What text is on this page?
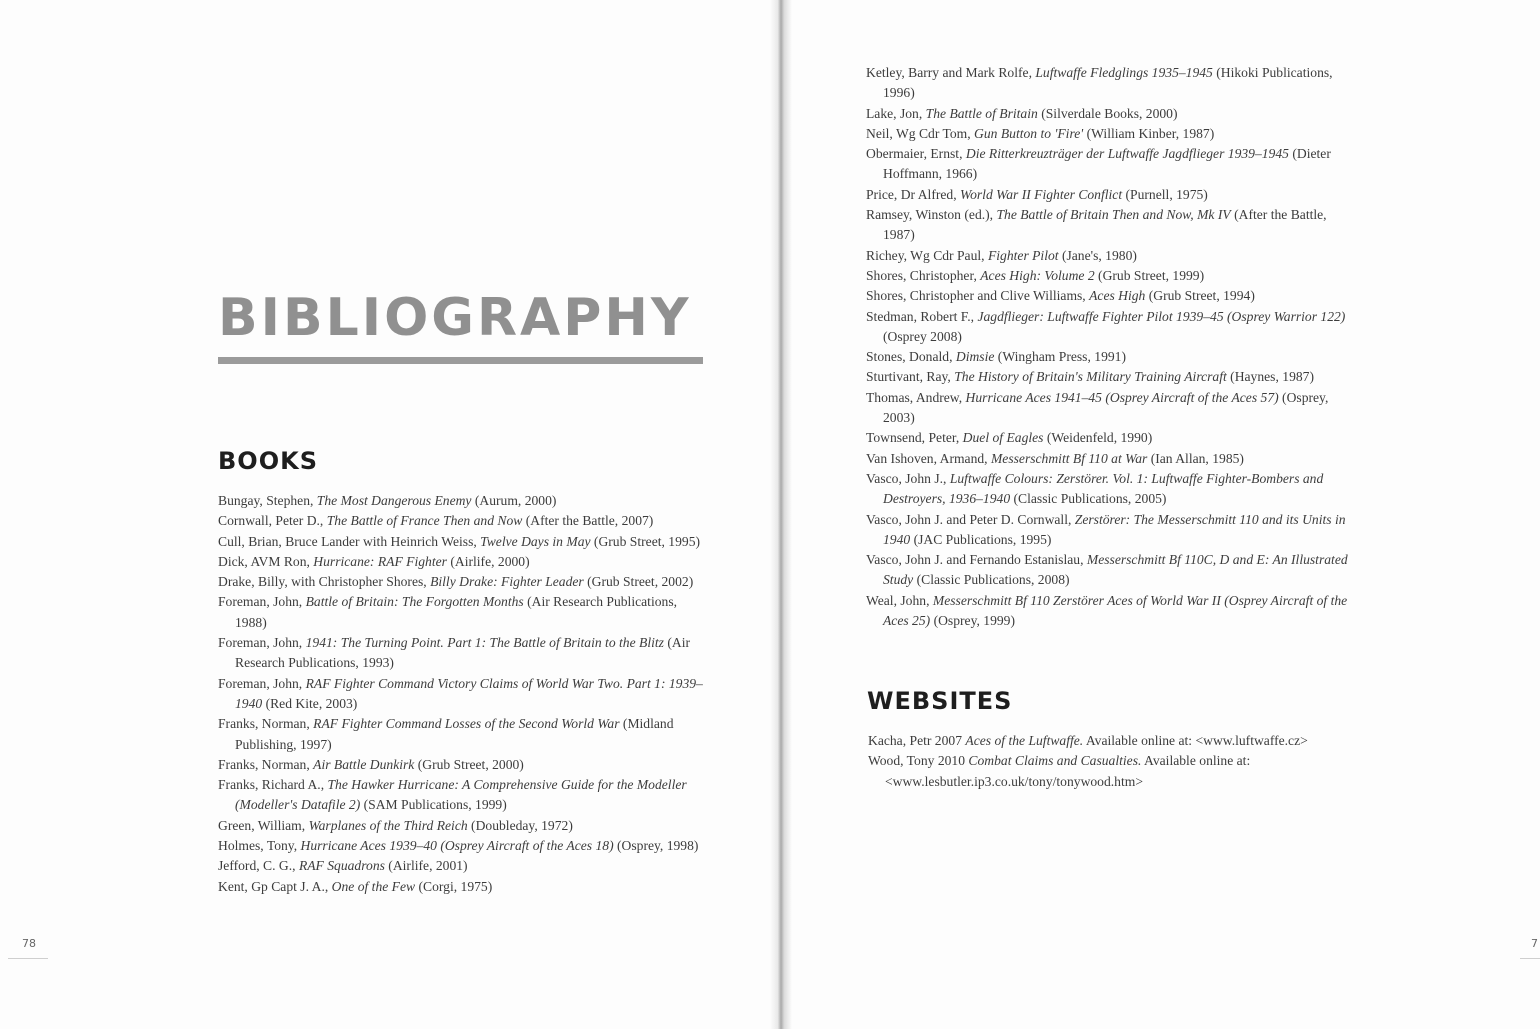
BIBLIOGRAPHY
BOOKS
Bungay, Stephen, The Most Dangerous Enemy (Aurum, 2000)
Cornwall, Peter D., The Battle of France Then and Now (After the Battle, 2007)
Cull, Brian, Bruce Lander with Heinrich Weiss, Twelve Days in May (Grub Street, 1995)
Dick, AVM Ron, Hurricane: RAF Fighter (Airlife, 2000)
Drake, Billy, with Christopher Shores, Billy Drake: Fighter Leader (Grub Street, 2002)
Foreman, John, Battle of Britain: The Forgotten Months (Air Research Publications, 1988)
Foreman, John, 1941: The Turning Point. Part 1: The Battle of Britain to the Blitz (Air Research Publications, 1993)
Foreman, John, RAF Fighter Command Victory Claims of World War Two. Part 1: 1939–1940 (Red Kite, 2003)
Franks, Norman, RAF Fighter Command Losses of the Second World War (Midland Publishing, 1997)
Franks, Norman, Air Battle Dunkirk (Grub Street, 2000)
Franks, Richard A., The Hawker Hurricane: A Comprehensive Guide for the Modeller (Modeller's Datafile 2) (SAM Publications, 1999)
Green, William, Warplanes of the Third Reich (Doubleday, 1972)
Holmes, Tony, Hurricane Aces 1939–40 (Osprey Aircraft of the Aces 18) (Osprey, 1998)
Jefford, C. G., RAF Squadrons (Airlife, 2001)
Kent, Gp Capt J. A., One of the Few (Corgi, 1975)
78	7
Ketley, Barry and Mark Rolfe, Luftwaffe Fledglings 1935–1945 (Hikoki Publications, 1996)
Lake, Jon, The Battle of Britain (Silverdale Books, 2000)
Neil, Wg Cdr Tom, Gun Button to 'Fire' (William Kinber, 1987)
Obermaier, Ernst, Die Ritterkreuzträger der Luftwaffe Jagdflieger 1939–1945 (Dieter Hoffmann, 1966)
Price, Dr Alfred, World War II Fighter Conflict (Purnell, 1975)
Ramsey, Winston (ed.), The Battle of Britain Then and Now, Mk IV (After the Battle, 1987)
Richey, Wg Cdr Paul, Fighter Pilot (Jane's, 1980)
Shores, Christopher, Aces High: Volume 2 (Grub Street, 1999)
Shores, Christopher and Clive Williams, Aces High (Grub Street, 1994)
Stedman, Robert F., Jagdflieger: Luftwaffe Fighter Pilot 1939–45 (Osprey Warrior 122) (Osprey 2008)
Stones, Donald, Dimsie (Wingham Press, 1991)
Sturtivant, Ray, The History of Britain's Military Training Aircraft (Haynes, 1987)
Thomas, Andrew, Hurricane Aces 1941–45 (Osprey Aircraft of the Aces 57) (Osprey, 2003)
Townsend, Peter, Duel of Eagles (Weidenfeld, 1990)
Van Ishoven, Armand, Messerschmitt Bf 110 at War (Ian Allan, 1985)
Vasco, John J., Luftwaffe Colours: Zerstörer. Vol. 1: Luftwaffe Fighter-Bombers and Destroyers, 1936–1940 (Classic Publications, 2005)
Vasco, John J. and Peter D. Cornwall, Zerstörer: The Messerschmitt 110 and its Units in 1940 (JAC Publications, 1995)
Vasco, John J. and Fernando Estanislau, Messerschmitt Bf 110C, D and E: An Illustrated Study (Classic Publications, 2008)
Weal, John, Messerschmitt Bf 110 Zerstörer Aces of World War II (Osprey Aircraft of the Aces 25) (Osprey, 1999)
WEBSITES
Kacha, Petr 2007 Aces of the Luftwaffe. Available online at: <www.luftwaffe.cz>
Wood, Tony 2010 Combat Claims and Casualties. Available online at: <www.lesbutler.ip3.co.uk/tony/tonywood.htm>
